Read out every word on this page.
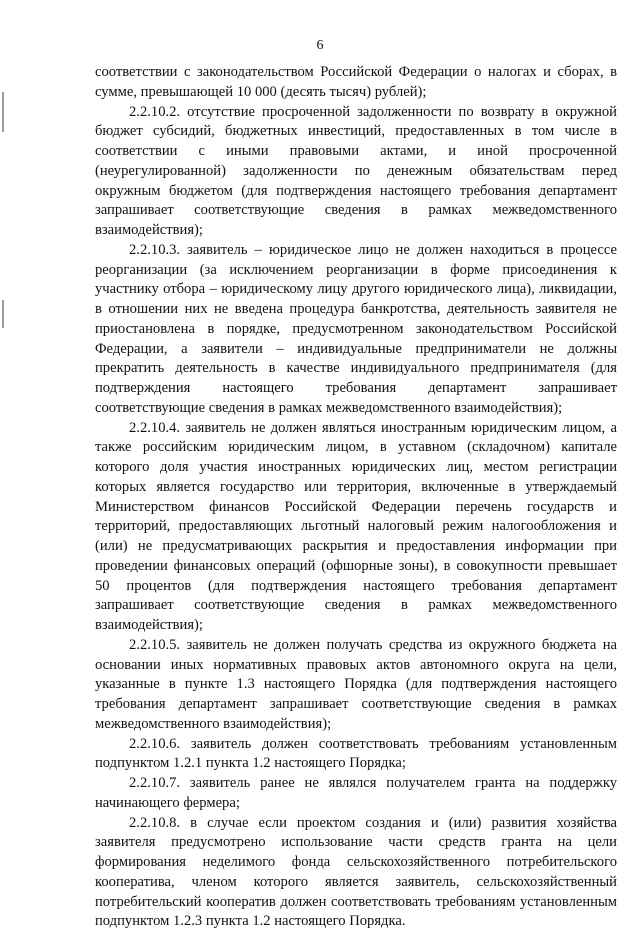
6

соответствии с законодательством Российской Федерации о налогах и сборах, в сумме, превышающей 10 000 (десять тысяч) рублей);

2.2.10.2. отсутствие просроченной задолженности по возврату в окружной бюджет субсидий, бюджетных инвестиций, предоставленных в том числе в соответствии с иными правовыми актами, и иной просроченной (неурегулированной) задолженности по денежным обязательствам перед окружным бюджетом (для подтверждения настоящего требования департамент запрашивает соответствующие сведения в рамках межведомственного взаимодействия);

2.2.10.3. заявитель – юридическое лицо не должен находиться в процессе реорганизации (за исключением реорганизации в форме присоединения к участнику отбора – юридическому лицу другого юридического лица), ликвидации, в отношении них не введена процедура банкротства, деятельность заявителя не приостановлена в порядке, предусмотренном законодательством Российской Федерации, а заявители – индивидуальные предприниматели не должны прекратить деятельность в качестве индивидуального предпринимателя (для подтверждения настоящего требования департамент запрашивает соответствующие сведения в рамках межведомственного взаимодействия);

2.2.10.4. заявитель не должен являться иностранным юридическим лицом, а также российским юридическим лицом, в уставном (складочном) капитале которого доля участия иностранных юридических лиц, местом регистрации которых является государство или территория, включенные в утверждаемый Министерством финансов Российской Федерации перечень государств и территорий, предоставляющих льготный налоговый режим налогообложения и (или) не предусматривающих раскрытия и предоставления информации при проведении финансовых операций (офшорные зоны), в совокупности превышает 50 процентов (для подтверждения настоящего требования департамент запрашивает соответствующие сведения в рамках межведомственного взаимодействия);

2.2.10.5. заявитель не должен получать средства из окружного бюджета на основании иных нормативных правовых актов автономного округа на цели, указанные в пункте 1.3 настоящего Порядка (для подтверждения настоящего требования департамент запрашивает соответствующие сведения в рамках межведомственного взаимодействия);

2.2.10.6. заявитель должен соответствовать требованиям установленным подпунктом 1.2.1 пункта 1.2 настоящего Порядка;

2.2.10.7. заявитель ранее не являлся получателем гранта на поддержку начинающего фермера;

2.2.10.8. в случае если проектом создания и (или) развития хозяйства заявителя предусмотрено использование части средств гранта на цели формирования неделимого фонда сельскохозяйственного потребительского кооператива, членом которого является заявитель, сельскохозяйственный потребительский кооператив должен соответствовать требованиям установленным подпунктом 1.2.3 пункта 1.2 настоящего Порядка.
